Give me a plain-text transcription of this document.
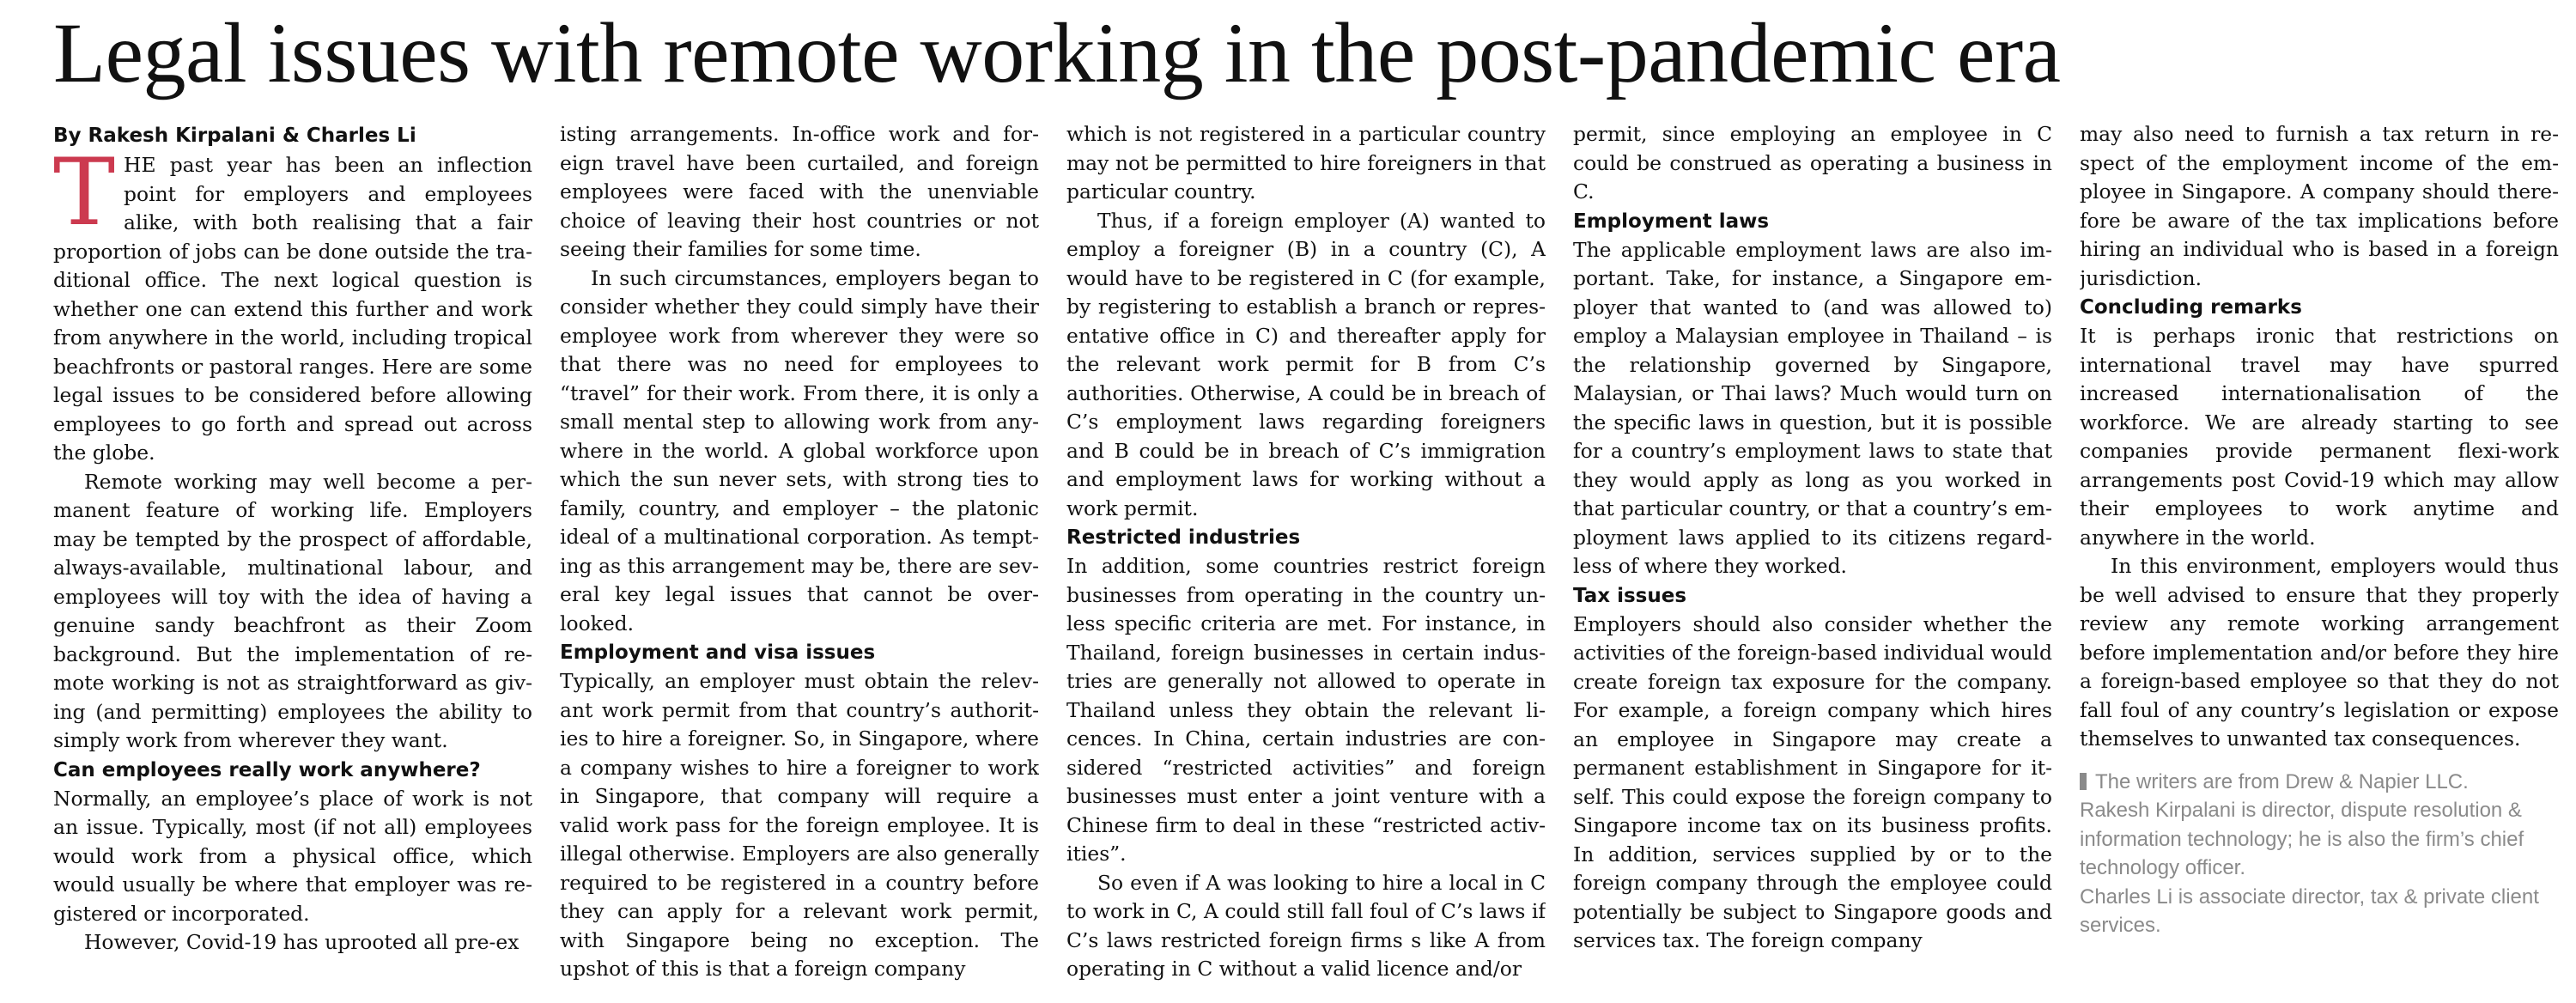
Legal issues with remote working in the post-pandemic era

By Rakesh Kirpalani & Charles Li

THE past year has been an inflection point for employers and employees alike, with both realising that a fair proportion of jobs can be done outside the traditional office. The next logical question is whether one can extend this further and work from anywhere in the world, including tropical beachfronts or pastoral ranges. Here are some legal issues to be considered before allowing employees to go forth and spread out across the globe.

Remote working may well become a permanent feature of working life. Employers may be tempted by the prospect of affordable, always-available, multinational labour, and employees will toy with the idea of having a genuine sandy beachfront as their Zoom background. But the implementation of remote working is not as straightforward as giving (and permitting) employees the ability to simply work from wherever they want.

Can employees really work anywhere?

Normally, an employee’s place of work is not an issue. Typically, most (if not all) employees would work from a physical office, which would usually be where that employer was registered or incorporated.

However, Covid-19 has uprooted all pre-ex

isting arrangements. In-office work and foreign travel have been curtailed, and foreign employees were faced with the unenviable choice of leaving their host countries or not seeing their families for some time.

In such circumstances, employers began to consider whether they could simply have their employee work from wherever they were so that there was no need for employees to “travel” for their work. From there, it is only a small mental step to allowing work from anywhere in the world. A global workforce upon which the sun never sets, with strong ties to family, country, and employer – the platonic ideal of a multinational corporation. As tempting as this arrangement may be, there are several key legal issues that cannot be overlooked.

Employment and visa issues

Typically, an employer must obtain the relevant work permit from that country’s authorities to hire a foreigner. So, in Singapore, where a company wishes to hire a foreigner to work in Singapore, that company will require a valid work pass for the foreign employee. It is illegal otherwise. Employers are also generally required to be registered in a country before they can apply for a relevant work permit, with Singapore being no exception. The upshot of this is that a foreign company

which is not registered in a particular country may not be permitted to hire foreigners in that particular country.

Thus, if a foreign employer (A) wanted to employ a foreigner (B) in a country (C), A would have to be registered in C (for example, by registering to establish a branch or representative office in C) and thereafter apply for the relevant work permit for B from C’s authorities. Otherwise, A could be in breach of C’s employment laws regarding foreigners and B could be in breach of C’s immigration and employment laws for working without a work permit.

Restricted industries

In addition, some countries restrict foreign businesses from operating in the country unless specific criteria are met. For instance, in Thailand, foreign businesses in certain industries are generally not allowed to operate in Thailand unless they obtain the relevant licences. In China, certain industries are considered “restricted activities” and foreign businesses must enter a joint venture with a Chinese firm to deal in these “restricted activities”.

So even if A was looking to hire a local in C to work in C, A could still fall foul of C’s laws if C’s laws restricted foreign firms s like A from operating in C without a valid licence and/or

permit, since employing an employee in C could be construed as operating a business in C.

Employment laws

The applicable employment laws are also important. Take, for instance, a Singapore employer that wanted to (and was allowed to) employ a Malaysian employee in Thailand – is the relationship governed by Singapore, Malaysian, or Thai laws? Much would turn on the specific laws in question, but it is possible for a country’s employment laws to state that they would apply as long as you worked in that particular country, or that a country’s employment laws applied to its citizens regardless of where they worked.

Tax issues

Employers should also consider whether the activities of the foreign-based individual would create foreign tax exposure for the company. For example, a foreign company which hires an employee in Singapore may create a permanent establishment in Singapore for itself. This could expose the foreign company to Singapore income tax on its business profits. In addition, services supplied by or to the foreign company through the employee could potentially be subject to Singapore goods and services tax. The foreign company

may also need to furnish a tax return in respect of the employment income of the employee in Singapore. A company should therefore be aware of the tax implications before hiring an individual who is based in a foreign jurisdiction.

Concluding remarks

It is perhaps ironic that restrictions on international travel may have spurred increased internationalisation of the workforce. We are already starting to see companies provide permanent flexi-work arrangements post Covid-19 which may allow their employees to work anytime and anywhere in the world.

In this environment, employers would thus be well advised to ensure that they properly review any remote working arrangement before implementation and/or before they hire a foreign-based employee so that they do not fall foul of any country’s legislation or expose themselves to unwanted tax consequences.

The writers are from Drew & Napier LLC.

Rakesh Kirpalani is director, dispute resolution & information technology; he is also the firm’s chief technology officer.

Charles Li is associate director, tax & private client services.
